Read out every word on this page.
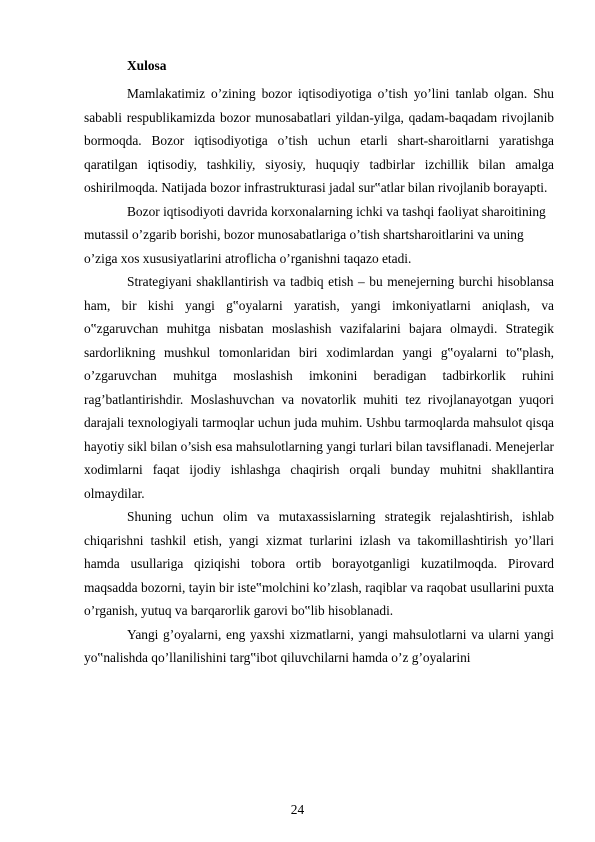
Xulosa

Mamlakatimiz o’zining bozor iqtisodiyotiga o’tish yo’lini tanlab olgan. Shu sababli respublikamizda bozor munosabatlari yildan-yilga, qadam-baqadam rivojlanib bormoqda. Bozor iqtisodiyotiga o’tish uchun etarli shart-sharoitlarni yaratishga qaratilgan iqtisodiy, tashkiliy, siyosiy, huquqiy tadbirlar izchillik bilan amalga oshirilmoqda. Natijada bozor infrastrukturasi jadal sur‟atlar bilan rivojlanib borayapti.

Bozor iqtisodiyoti davrida korxonalarning ichki va tashqi faoliyat sharoitining mutassil o’zgarib borishi, bozor munosabatlariga o’tish shartsharoitlarini va uning o’ziga xos xususiyatlarini atroflicha o’rganishni taqazo etadi.

Strategiyani shakllantirish va tadbiq etish – bu menejerning burchi hisoblansa ham, bir kishi yangi g‟oyalarni yaratish, yangi imkoniyatlarni aniqlash, va o‟zgaruvchan muhitga nisbatan moslashish vazifalarini bajara olmaydi. Strategik sardorlikning mushkul tomonlaridan biri xodimlardan yangi g‟oyalarni to‟plash, o’zgaruvchan muhitga moslashish imkonini beradigan tadbirkorlik ruhini rag’batlantirishdir. Moslashuvchan va novatorlik muhiti tez rivojlanayotgan yuqori darajali texnologiyali tarmoqlar uchun juda muhim. Ushbu tarmoqlarda mahsulot qisqa hayotiy sikl bilan o’sish esa mahsulotlarning yangi turlari bilan tavsiflanadi. Menejerlar xodimlarni faqat ijodiy ishlashga chaqirish orqali bunday muhitni shakllantira olmaydilar.

Shuning uchun olim va mutaxassislarning strategik rejalashtirish, ishlab chiqarishni tashkil etish, yangi xizmat turlarini izlash va takomillashtirish yo’llari hamda usullariga qiziqishi tobora ortib borayotganligi kuzatilmoqda. Pirovard maqsadda bozorni, tayin bir iste‟molchini ko’zlash, raqiblar va raqobat usullarini puxta o’rganish, yutuq va barqarorlik garovi bo‟lib hisoblanadi.

Yangi g’oyalarni, eng yaxshi xizmatlarni, yangi mahsulotlarni va ularni yangi yo‟nalishda qo’llanilishini targ‟ibot qiluvchilarni hamda o’z g’oyalarini

24
